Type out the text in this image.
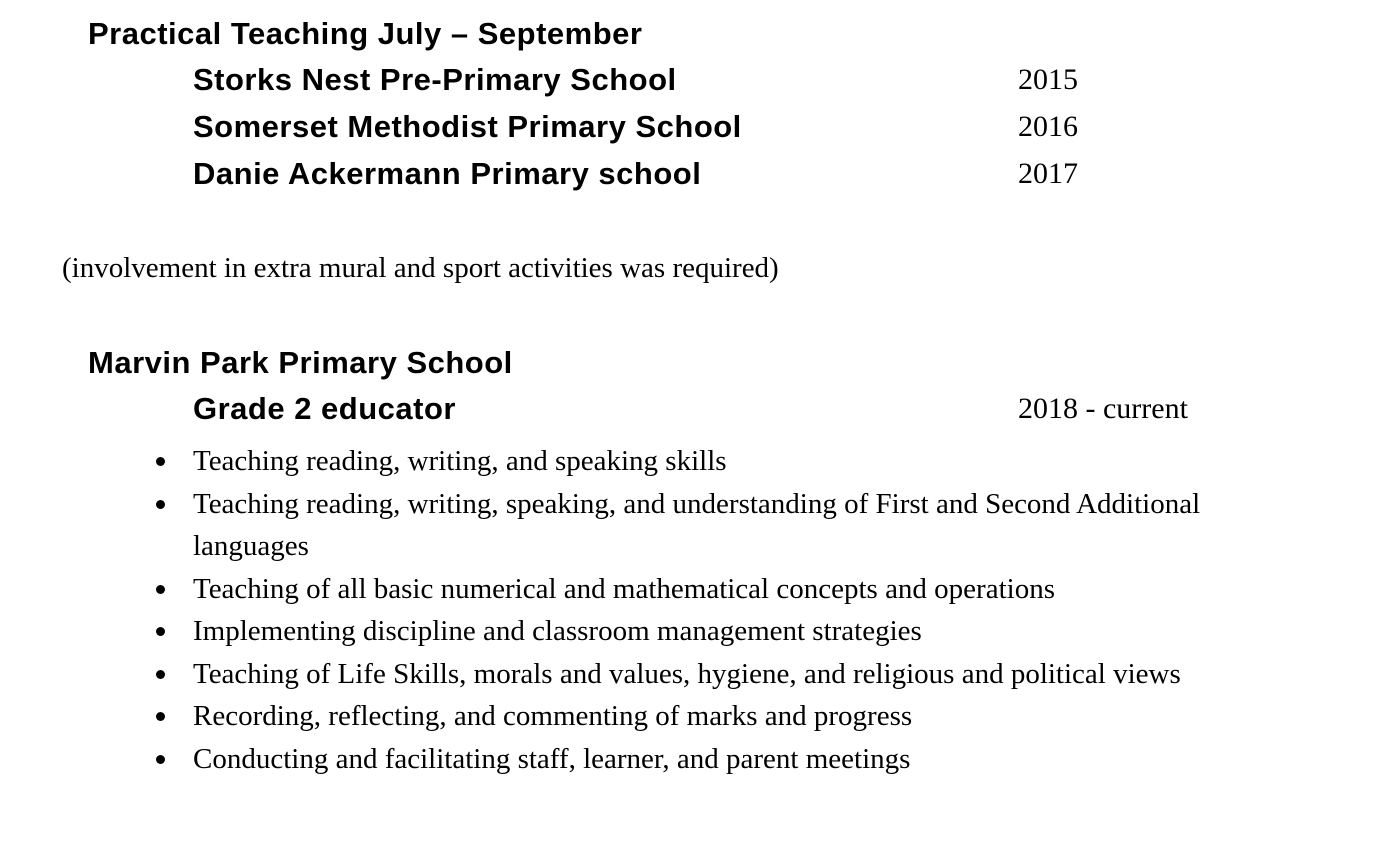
Practical Teaching July – September
Storks Nest Pre-Primary School	2015
Somerset Methodist Primary School	2016
Danie Ackermann Primary school	2017

(involvement in extra mural and sport activities was required)

Marvin Park Primary School
Grade 2 educator	2018 - current
Teaching reading, writing, and speaking skills
Teaching reading, writing, speaking, and understanding of First and Second Additional languages
Teaching of all basic numerical and mathematical concepts and operations
Implementing discipline and classroom management strategies
Teaching of Life Skills, morals and values, hygiene, and religious and political views
Recording, reflecting, and commenting of marks and progress
Conducting and facilitating staff, learner, and parent meetings
